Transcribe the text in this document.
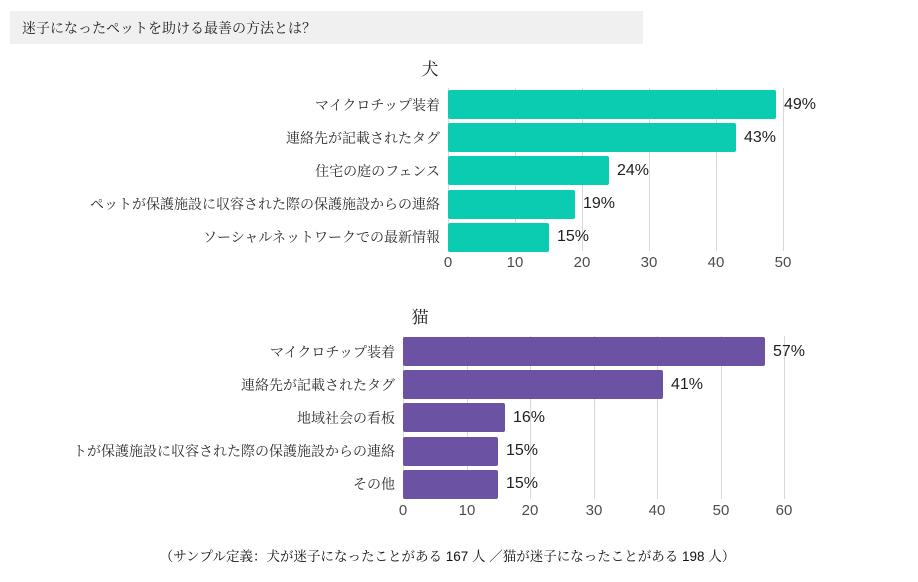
迷子になったペットを助ける最善の方法とは？
犬
マイクロチップ装着	49%
連絡先が記載されたタグ	43%
住宅の庭のフェンス	24%
ペットが保護施設に収容された際の保護施設からの連絡	19%
ソーシャルネットワークでの最新情報	15%
0	10	20	30	40	50
猫
マイクロチップ装着	57%
連絡先が記載されたタグ	41%
地域社会の看板	16%
トが保護施設に収容された際の保護施設からの連絡	15%
その他	15%
0	10	20	30	40	50	60
（サンプル定義：犬が迷子になったことがある 167 人 ／猫が迷子になったことがある 198 人）
